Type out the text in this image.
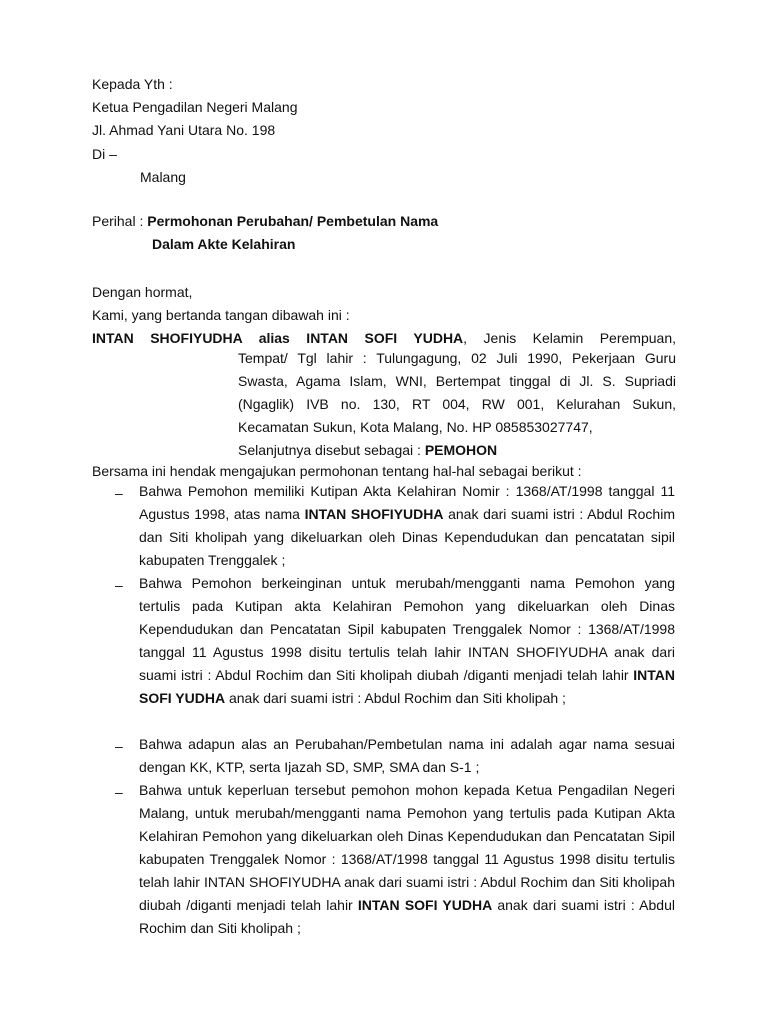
Kepada Yth :
Ketua Pengadilan Negeri Malang
Jl. Ahmad Yani Utara No. 198
Di –
Malang
Perihal : Permohonan Perubahan/ Pembetulan Nama
Dalam Akte Kelahiran
Dengan hormat,
Kami, yang bertanda tangan dibawah ini :
INTAN SHOFIYUDHA alias INTAN SOFI YUDHA, Jenis Kelamin Perempuan,
Tempat/ Tgl lahir : Tulungagung, 02 Juli 1990, Pekerjaan Guru Swasta, Agama Islam, WNI, Bertempat tinggal di Jl. S. Supriadi (Ngaglik) IVB no. 130, RT 004, RW 001, Kelurahan Sukun, Kecamatan Sukun, Kota Malang, No. HP 085853027747,
Selanjutnya disebut sebagai : PEMOHON
Bersama ini hendak mengajukan permohonan tentang hal-hal sebagai berikut :
– Bahwa Pemohon memiliki Kutipan Akta Kelahiran Nomir : 1368/AT/1998 tanggal 11 Agustus 1998, atas nama INTAN SHOFIYUDHA anak dari suami istri : Abdul Rochim dan Siti kholipah yang dikeluarkan oleh Dinas Kependudukan dan pencatatan sipil kabupaten Trenggalek ;
– Bahwa Pemohon berkeinginan untuk merubah/mengganti nama Pemohon yang tertulis pada Kutipan akta Kelahiran Pemohon yang dikeluarkan oleh Dinas Kependudukan dan Pencatatan Sipil kabupaten Trenggalek Nomor : 1368/AT/1998 tanggal 11 Agustus 1998 disitu tertulis telah lahir INTAN SHOFIYUDHA anak dari suami istri : Abdul Rochim dan Siti kholipah diubah /diganti menjadi telah lahir INTAN SOFI YUDHA anak dari suami istri : Abdul Rochim dan Siti kholipah ;
– Bahwa adapun alas an Perubahan/Pembetulan nama ini adalah agar nama sesuai dengan KK, KTP, serta Ijazah SD, SMP, SMA dan S-1 ;
– Bahwa untuk keperluan tersebut pemohon mohon kepada Ketua Pengadilan Negeri Malang, untuk merubah/mengganti nama Pemohon yang tertulis pada Kutipan Akta Kelahiran Pemohon yang dikeluarkan oleh Dinas Kependudukan dan Pencatatan Sipil kabupaten Trenggalek Nomor : 1368/AT/1998 tanggal 11 Agustus 1998 disitu tertulis telah lahir INTAN SHOFIYUDHA anak dari suami istri : Abdul Rochim dan Siti kholipah diubah /diganti menjadi telah lahir INTAN SOFI YUDHA anak dari suami istri : Abdul Rochim dan Siti kholipah ;
